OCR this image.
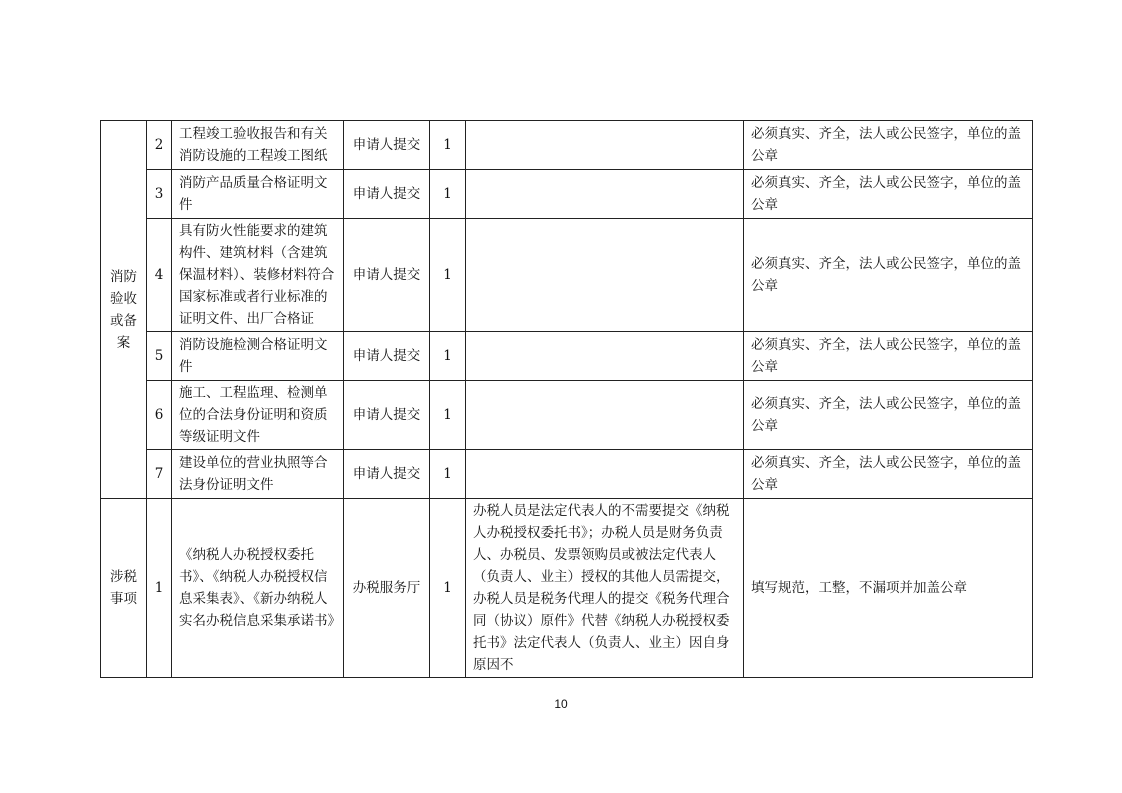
消防验收或备案	2	工程竣工验收报告和有关消防设施的工程竣工图纸	申请人提交	1		必须真实、齐全，法人或公民签字，单位的盖公章
	3	消防产品质量合格证明文件	申请人提交	1		必须真实、齐全，法人或公民签字，单位的盖公章
	4	具有防火性能要求的建筑构件、建筑材料（含建筑保温材料）、装修材料符合国家标准或者行业标准的证明文件、出厂合格证	申请人提交	1		必须真实、齐全，法人或公民签字，单位的盖公章
	5	消防设施检测合格证明文件	申请人提交	1		必须真实、齐全，法人或公民签字，单位的盖公章
	6	施工、工程监理、检测单位的合法身份证明和资质等级证明文件	申请人提交	1		必须真实、齐全，法人或公民签字，单位的盖公章
	7	建设单位的营业执照等合法身份证明文件	申请人提交	1		必须真实、齐全，法人或公民签字，单位的盖公章

涉税事项	1	《纳税人办税授权委托书》、《纳税人办税授权信息采集表》、《新办纳税人实名办税信息采集承诺书》	办税服务厅	1	办税人员是法定代表人的不需要提交《纳税人办税授权委托书》；办税人员是财务负责人、办税员、发票领购员或被法定代表人（负责人、业主）授权的其他人员需提交，办税人员是税务代理人的提交《税务代理合同（协议）原件》代替《纳税人办税授权委托书》法定代表人（负责人、业主）因自身原因不	填写规范，工整，不漏项并加盖公章
10
